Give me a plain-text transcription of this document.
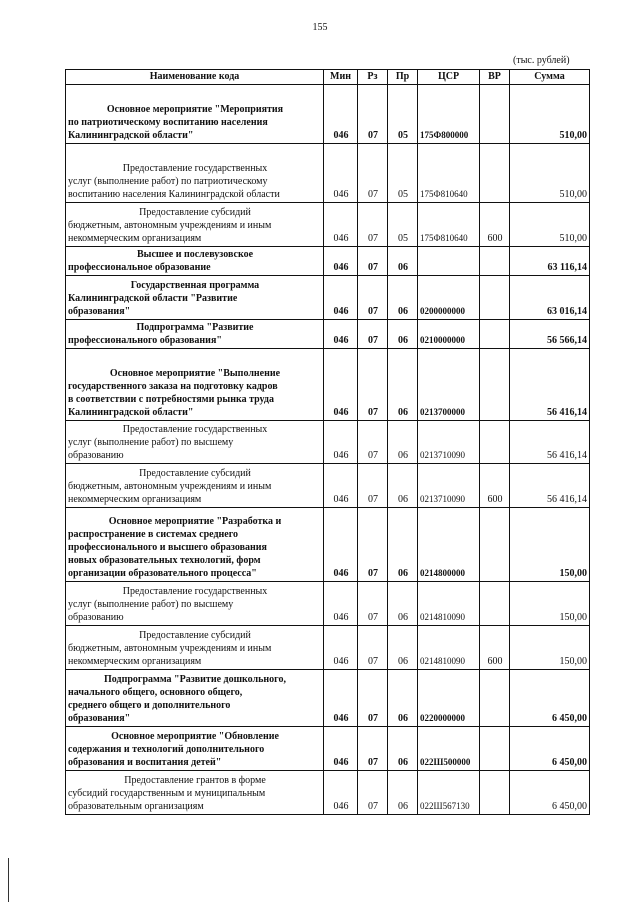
155
(тыс. рублей)
Наименование кода	Мин	Рз	Пр	ЦСР	ВР	Сумма

Основное мероприятие "Мероприятия
по патриотическому воспитанию населения
Калининградской области"	046	07	05	175Ф800000		510,00

Предоставление государственных
услуг (выполнение работ) по патриотическому
воспитанию населения Калининградской области	046	07	05	175Ф810640		510,00

Предоставление субсидий
бюджетным, автономным учреждениям и иным
некоммерческим организациям	046	07	05	175Ф810640	600	510,00

Высшее и послевузовское
профессиональное образование	046	07	06			63 116,14

Государственная программа
Калининградской области "Развитие
образования"	046	07	06	0200000000		63 016,14

Подпрограмма "Развитие
профессионального образования"	046	07	06	0210000000		56 566,14

Основное мероприятие "Выполнение
государственного заказа на подготовку кадров
в соответствии с потребностями рынка труда
Калининградской области"	046	07	06	0213700000		56 416,14

Предоставление государственных
услуг (выполнение работ) по высшему
образованию	046	07	06	0213710090		56 416,14

Предоставление субсидий
бюджетным, автономным учреждениям и иным
некоммерческим организациям	046	07	06	0213710090	600	56 416,14

Основное мероприятие "Разработка и
распространение в системах среднего
профессионального и высшего образования
новых образовательных технологий, форм
организации образовательного процесса"	046	07	06	0214800000		150,00

Предоставление государственных
услуг (выполнение работ) по высшему
образованию	046	07	06	0214810090		150,00

Предоставление субсидий
бюджетным, автономным учреждениям и иным
некоммерческим организациям	046	07	06	0214810090	600	150,00

Подпрограмма "Развитие дошкольного,
начального общего, основного общего,
среднего общего и дополнительного
образования"	046	07	06	0220000000		6 450,00

Основное мероприятие "Обновление
содержания и технологий дополнительного
образования и воспитания детей"	046	07	06	022Ш500000		6 450,00

Предоставление грантов в форме
субсидий государственным и муниципальным
образовательным организациям	046	07	06	022Ш567130		6 450,00
